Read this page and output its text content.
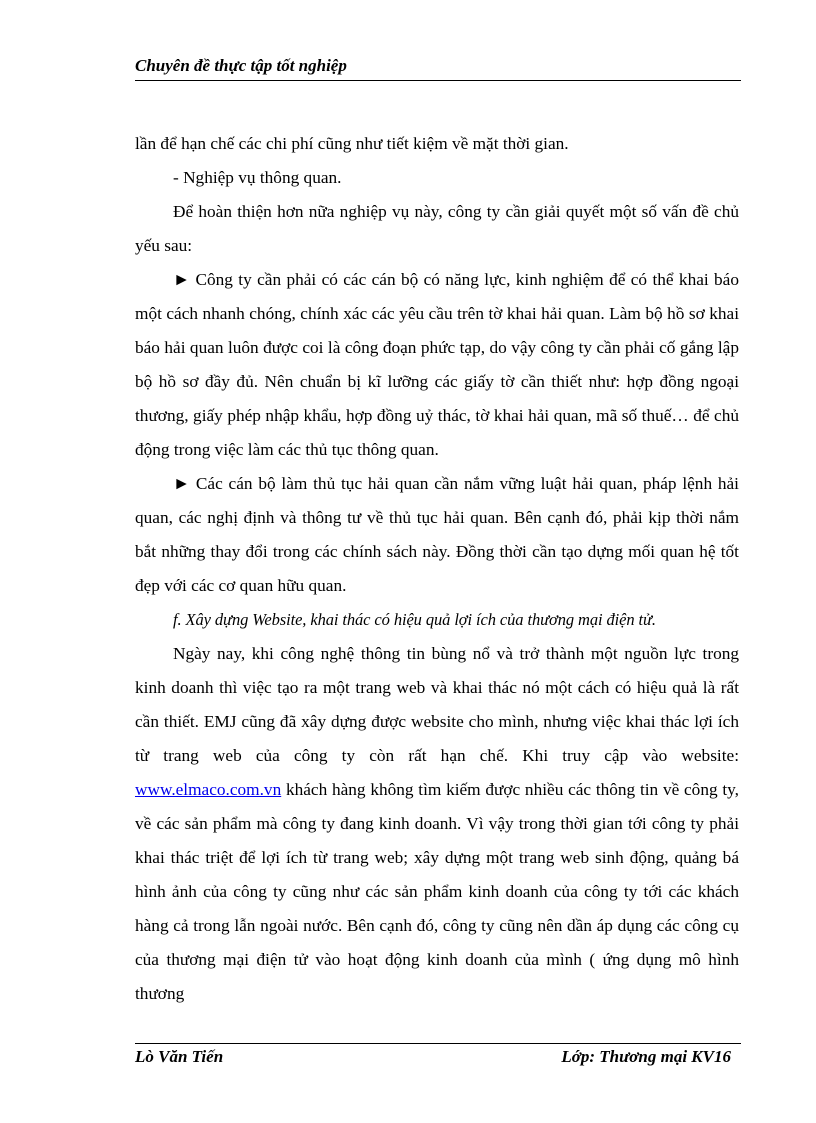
Chuyên đề thực tập tốt nghiệp

lần để hạn chế các chi phí cũng như tiết kiệm về mặt thời gian.

- Nghiệp vụ thông quan.

Để hoàn thiện hơn nữa nghiệp vụ này, công ty cần giải quyết một số vấn đề chủ yếu sau:

► Công ty cần phải có các cán bộ có năng lực, kinh nghiệm để có thể khai báo một cách nhanh chóng, chính xác các yêu cầu trên tờ khai hải quan. Làm bộ hồ sơ khai báo hải quan luôn được coi là công đoạn phức tạp, do vậy công ty cần phải cố gắng lập bộ hồ sơ đầy đủ. Nên chuẩn bị kĩ lưỡng các giấy tờ cần thiết như: hợp đồng ngoại thương, giấy phép nhập khẩu, hợp đồng uỷ thác, tờ khai hải quan, mã số thuế… để chủ động trong việc làm các thủ tục thông quan.

► Các cán bộ làm thủ tục hải quan cần nắm vững luật hải quan, pháp lệnh hải quan, các nghị định và thông tư về thủ tục hải quan. Bên cạnh đó, phải kịp thời nắm bắt những thay đổi trong các chính sách này. Đồng thời cần tạo dựng mối quan hệ tốt đẹp với các cơ quan hữu quan.

f. Xây dựng Website, khai thác có hiệu quả lợi ích của thương mại điện tử.

Ngày nay, khi công nghệ thông tin bùng nổ và trở thành một nguồn lực trong kinh doanh thì việc tạo ra một trang web và khai thác nó một cách có hiệu quả là rất cần thiết. EMJ cũng đã xây dựng được website cho mình, nhưng việc khai thác lợi ích từ trang web của công ty còn rất hạn chế. Khi truy cập vào website: www.elmaco.com.vn khách hàng không tìm kiếm được nhiều các thông tin về công ty, về các sản phẩm mà công ty đang kinh doanh. Vì vậy trong thời gian tới công ty phải khai thác triệt để lợi ích từ trang web; xây dựng một trang web sinh động, quảng bá hình ảnh của công ty cũng như các sản phẩm kinh doanh của công ty tới các khách hàng cả trong lẫn ngoài nước. Bên cạnh đó, công ty cũng nên dần áp dụng các công cụ của thương mại điện tử vào hoạt động kinh doanh của mình ( ứng dụng mô hình thương

Lò Văn Tiến	Lớp: Thương mại KV16
